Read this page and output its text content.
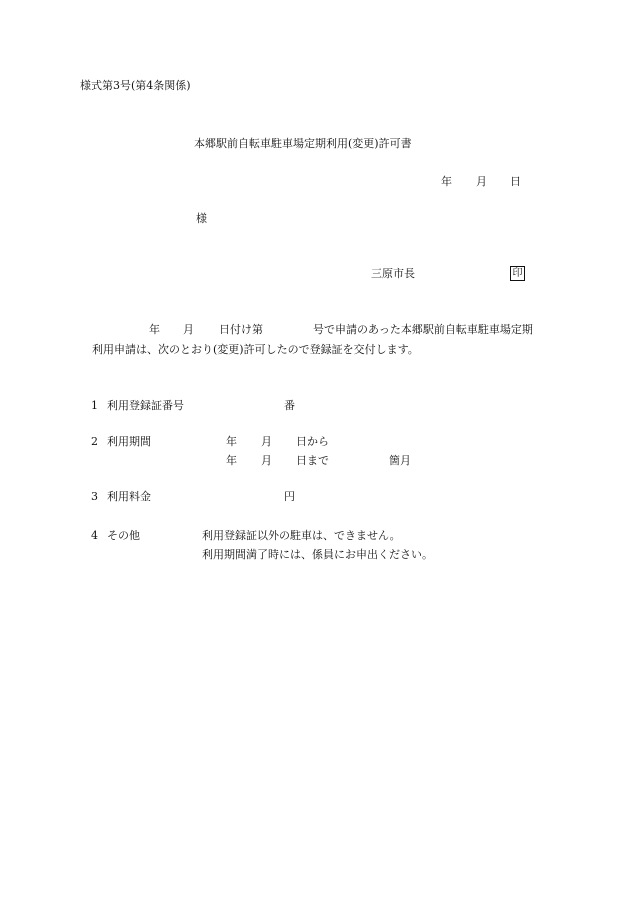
様式第3号(第4条関係)
本郷駅前自転車駐車場定期利用(変更)許可書
年 月 日
様
三原市長	印
年 月 日付け第	号で申請のあった本郷駅前自転車駐車場定期
利用申請は、次のとおり(変更)許可したので登録証を交付します。
1 利用登録証番号	番
2 利用期間	年 月 日から
年 月 日まで	箇月
3 利用料金	円
4 その他	利用登録証以外の駐車は、できません。
利用期間満了時には、係員にお申出ください。
